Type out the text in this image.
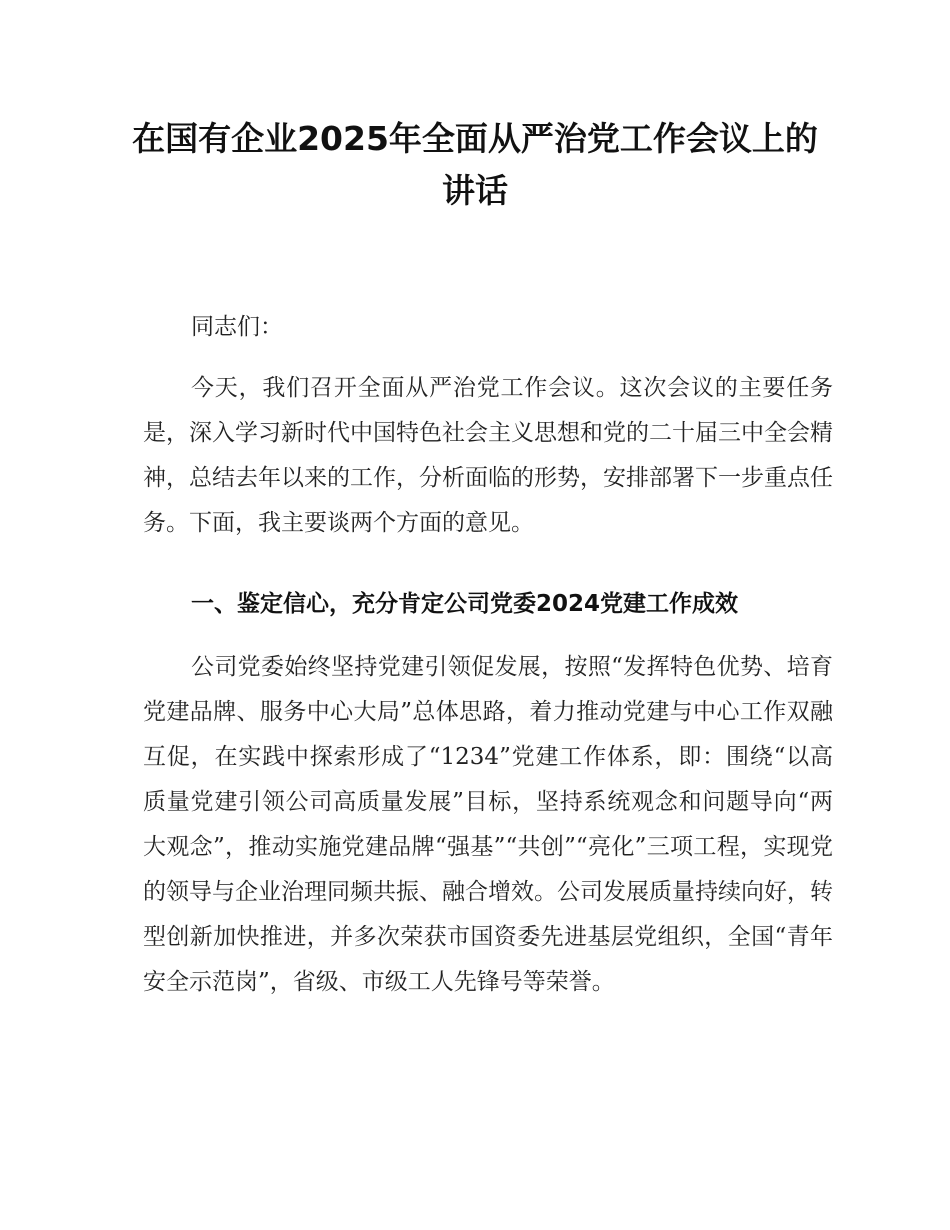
在国有企业2025年全面从严治党工作会议上的讲话

同志们：

今天，我们召开全面从严治党工作会议。这次会议的主要任务是，深入学习新时代中国特色社会主义思想和党的二十届三中全会精神，总结去年以来的工作，分析面临的形势，安排部署下一步重点任务。下面，我主要谈两个方面的意见。

一、鉴定信心，充分肯定公司党委2024党建工作成效

公司党委始终坚持党建引领促发展，按照“发挥特色优势、培育党建品牌、服务中心大局”总体思路，着力推动党建与中心工作双融互促，在实践中探索形成了“1234”党建工作体系，即：围绕“以高质量党建引领公司高质量发展”目标，坚持系统观念和问题导向“两大观念”，推动实施党建品牌“强基”“共创”“亮化”三项工程，实现党的领导与企业治理同频共振、融合增效。公司发展质量持续向好，转型创新加快推进，并多次荣获市国资委先进基层党组织，全国“青年安全示范岗”，省级、市级工人先锋号等荣誉。
